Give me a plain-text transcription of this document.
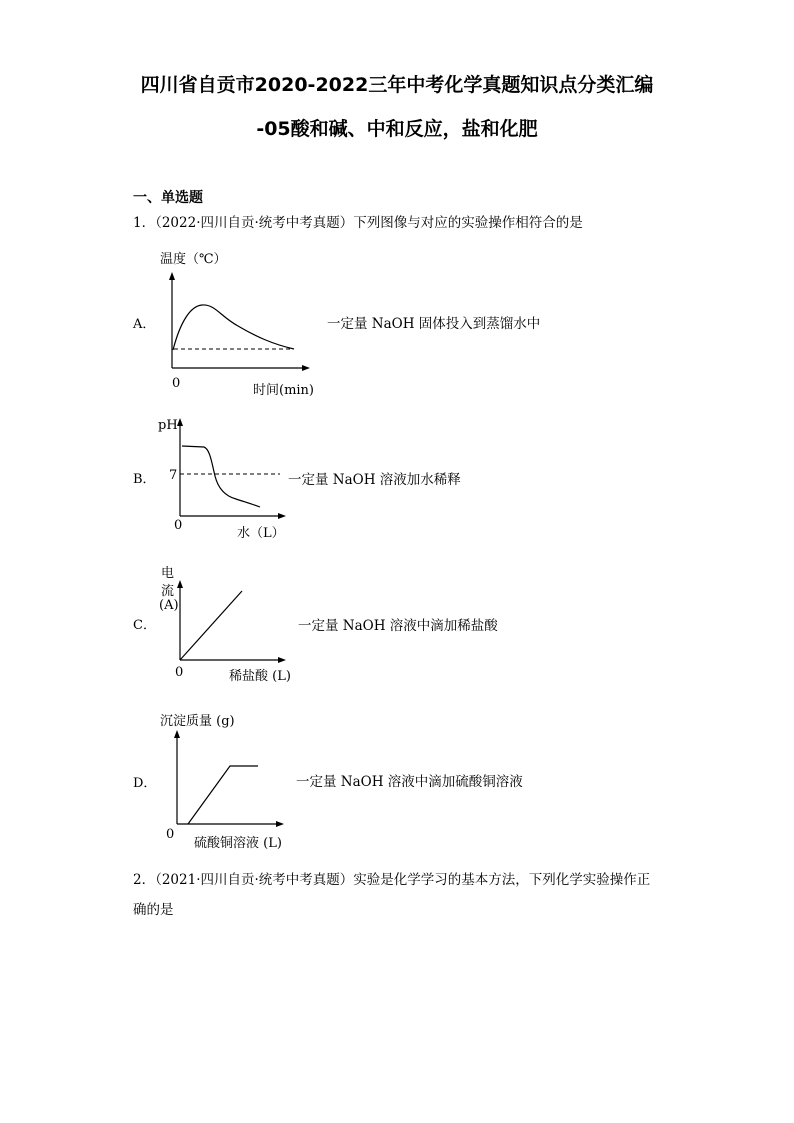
四川省自贡市2020-2022三年中考化学真题知识点分类汇编
-05酸和碱、中和反应，盐和化肥
一、单选题
1．（2022·四川自贡·统考中考真题）下列图像与对应的实验操作相符合的是
A．
温度（℃）
0	时间(min)
一定量 NaOH 固体投入到蒸馏水中
B．
pH
7
0
水（L）
一定量 NaOH 溶液加水稀释
C．
电
流
(A)
0	稀盐酸 (L)
一定量 NaOH 溶液中滴加稀盐酸
D．
沉淀质量 (g)
0
硫酸铜溶液 (L)
一定量 NaOH 溶液中滴加硫酸铜溶液
2．（2021·四川自贡·统考中考真题）实验是化学学习的基本方法，下列化学实验操作正
确的是
